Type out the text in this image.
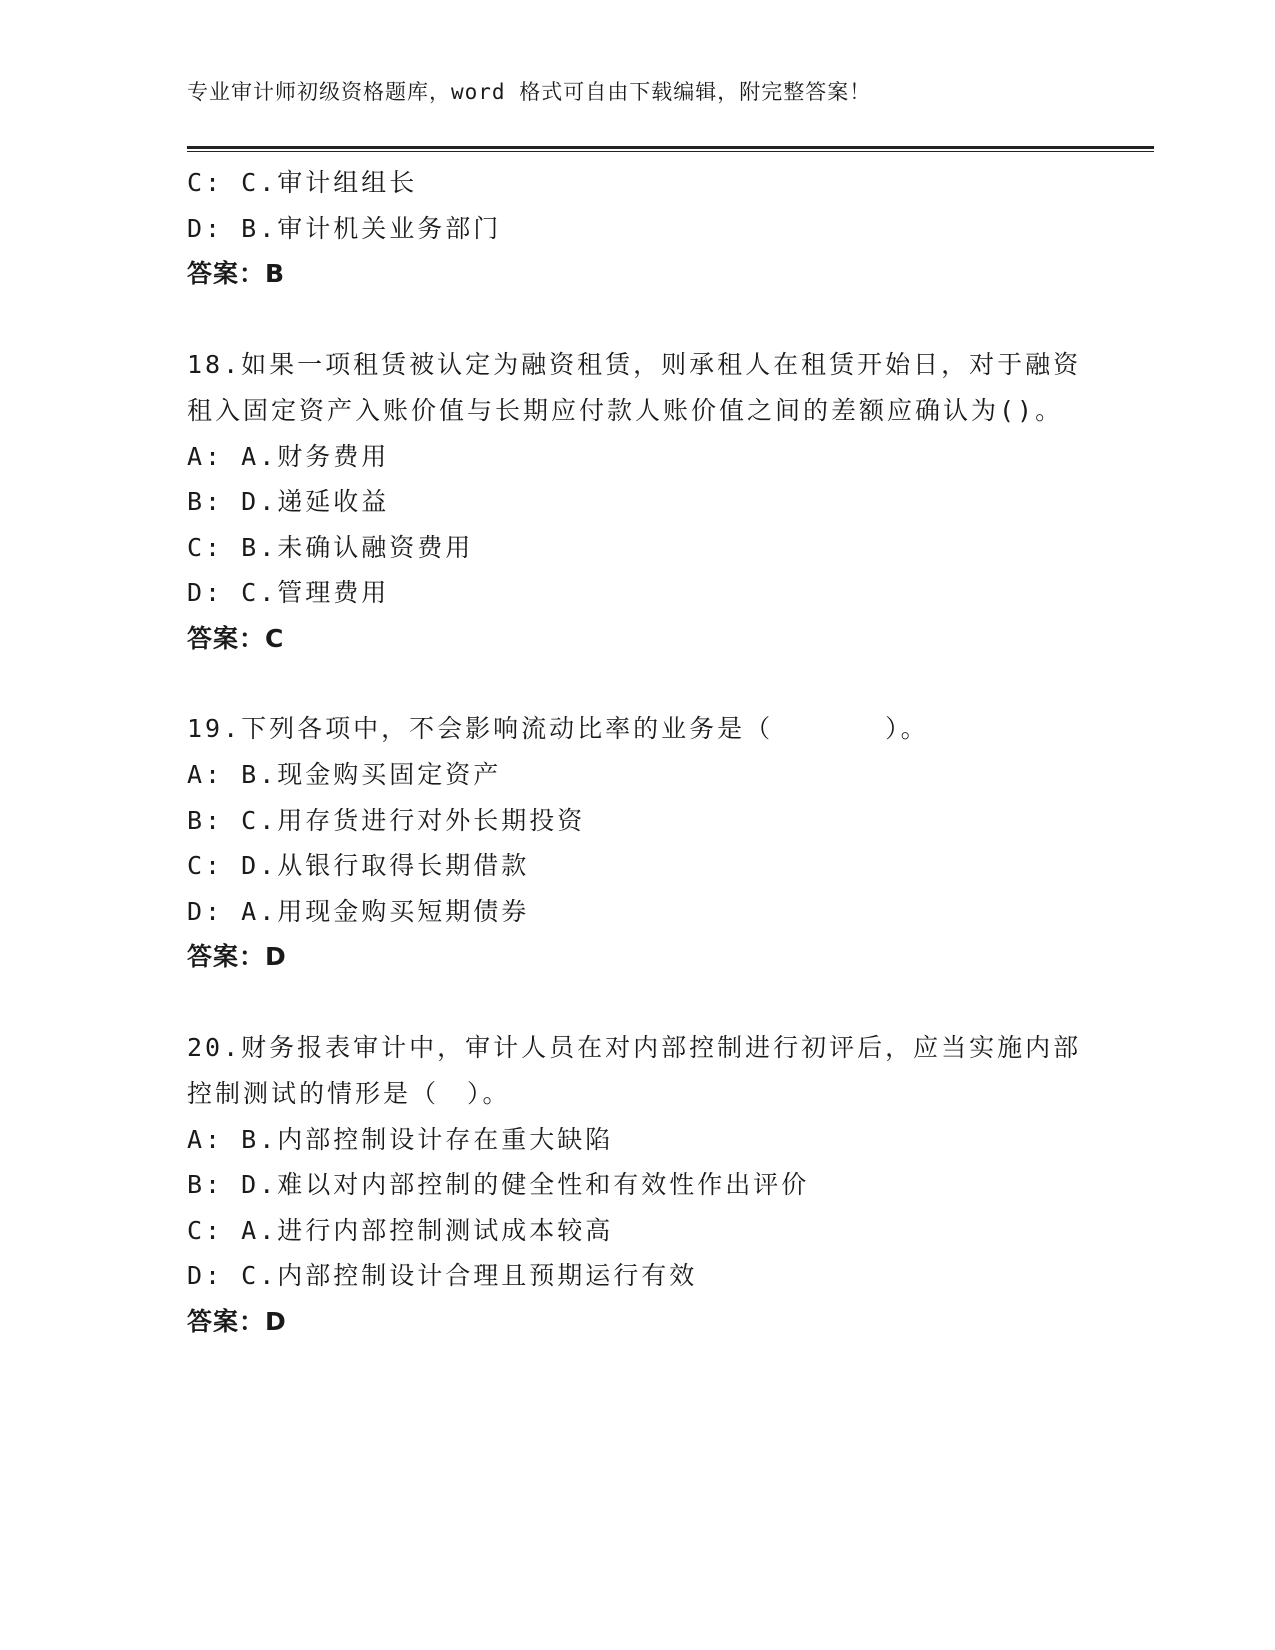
专业审计师初级资格题库，word 格式可自由下载编辑，附完整答案！
C: C.审计组组长
D: B.审计机关业务部门
答案：B
18.如果一项租赁被认定为融资租赁，则承租人在租赁开始日，对于融资租入固定资产入账价值与长期应付款人账价值之间的差额应确认为()。
A: A.财务费用
B: D.递延收益
C: B.未确认融资费用
D: C.管理费用
答案：C
19.下列各项中，不会影响流动比率的业务是（　　　　）。
A: B.现金购买固定资产
B: C.用存货进行对外长期投资
C: D.从银行取得长期借款
D: A.用现金购买短期债券
答案：D
20.财务报表审计中，审计人员在对内部控制进行初评后，应当实施内部控制测试的情形是（　）。
A: B.内部控制设计存在重大缺陷
B: D.难以对内部控制的健全性和有效性作出评价
C: A.进行内部控制测试成本较高
D: C.内部控制设计合理且预期运行有效
答案：D
